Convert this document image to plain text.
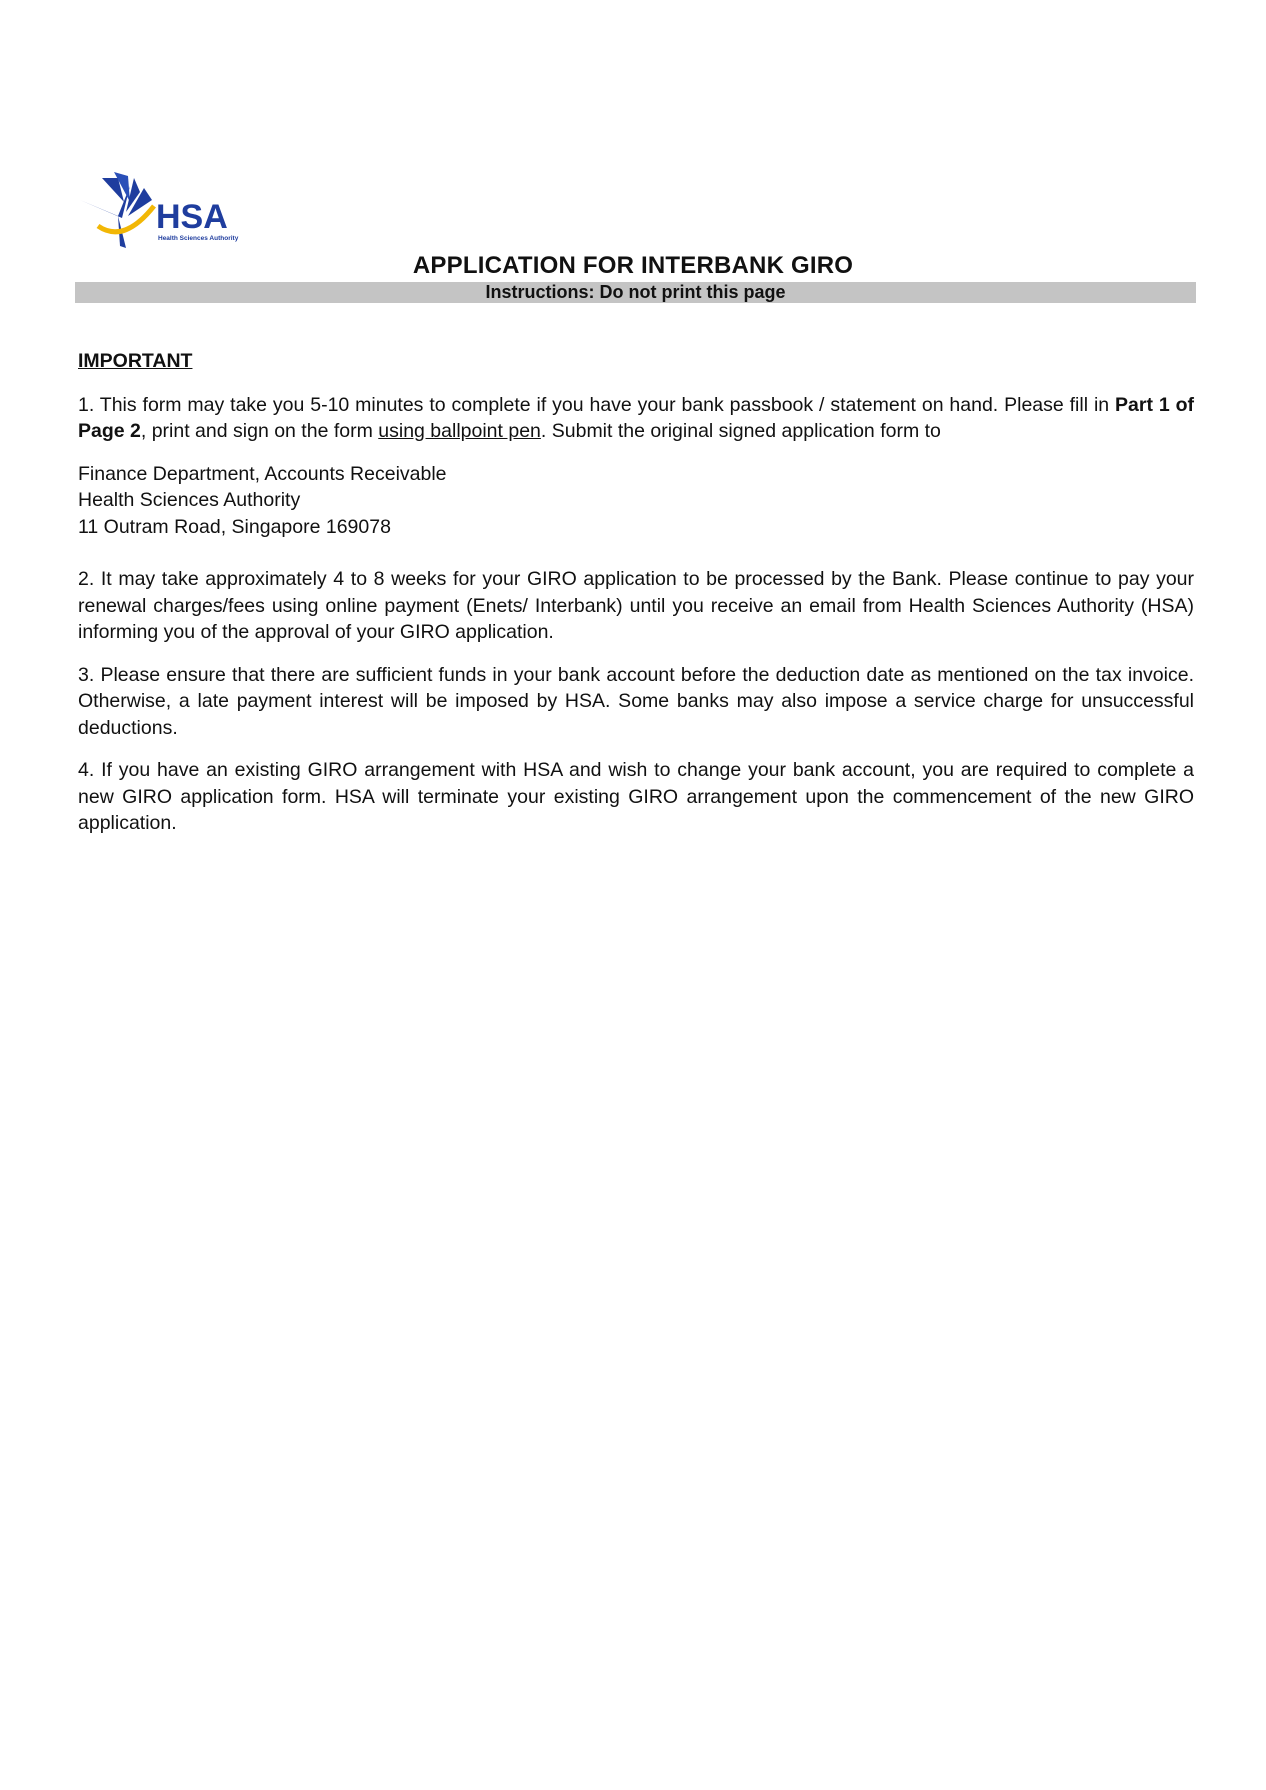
HSA
Health Sciences Authority
APPLICATION FOR INTERBANK GIRO
Instructions: Do not print this page
IMPORTANT

1. This form may take you 5-10 minutes to complete if you have your bank passbook / statement on hand. Please fill in Part 1 of Page 2, print and sign on the form using ballpoint pen. Submit the original signed application form to

Finance Department, Accounts Receivable
Health Sciences Authority
11 Outram Road, Singapore 169078

2. It may take approximately 4 to 8 weeks for your GIRO application to be processed by the Bank. Please continue to pay your renewal charges/fees using online payment (Enets/ Interbank) until you receive an email from Health Sciences Authority (HSA) informing you of the approval of your GIRO application.

3. Please ensure that there are sufficient funds in your bank account before the deduction date as mentioned on the tax invoice. Otherwise, a late payment interest will be imposed by HSA. Some banks may also impose a service charge for unsuccessful deductions.

4. If you have an existing GIRO arrangement with HSA and wish to change your bank account, you are required to complete a new GIRO application form. HSA will terminate your existing GIRO arrangement upon the commencement of the new GIRO application.
